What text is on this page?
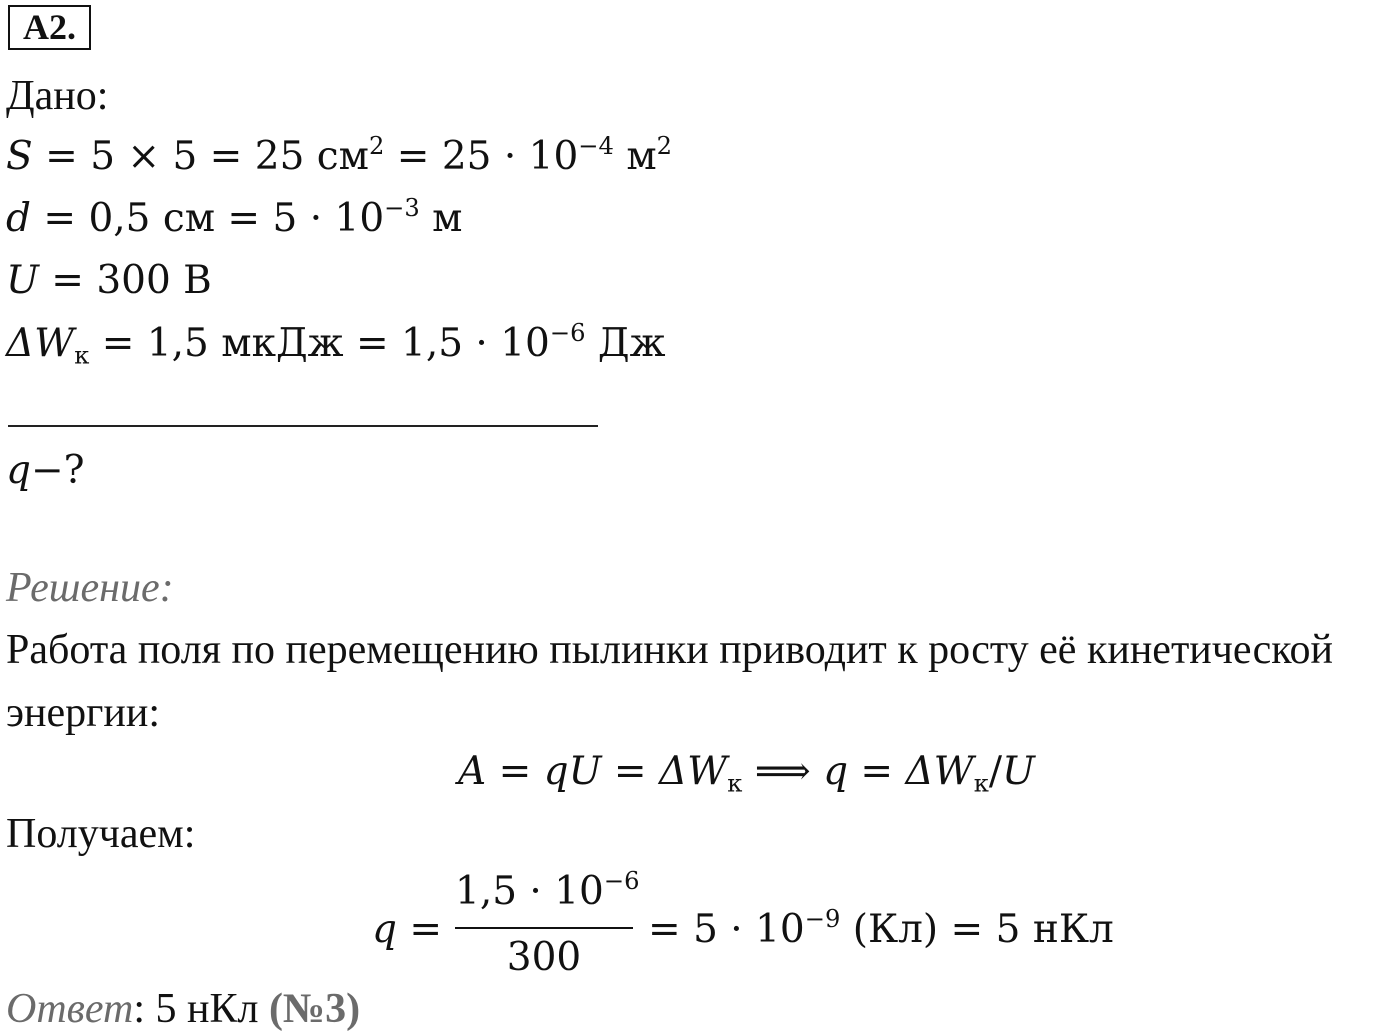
А2.
Дано:
S = 5 × 5 = 25 $см^2 = 25 \cdot 10^{-4}$ $м^2$
d = 0,5 см = $5 \cdot 10^{-3}$ м
U = 300 В
$\Delta W_к = 1,5$ мкДж = $1,5 \cdot 10^{-6}$ Дж
q−?
Решение:
Работа поля по перемещению пылинки приводит к росту её кинетической
энергии:
A = qU = $\Delta W_к$ ⟹ $q = \Delta W_к/U$
Получаем:
q =
$1,5 \cdot 10^{-6}$
300
= $5 \cdot 10^{-9}$ (Кл) = 5 нКл
Ответ: 5 нКл (№3)
